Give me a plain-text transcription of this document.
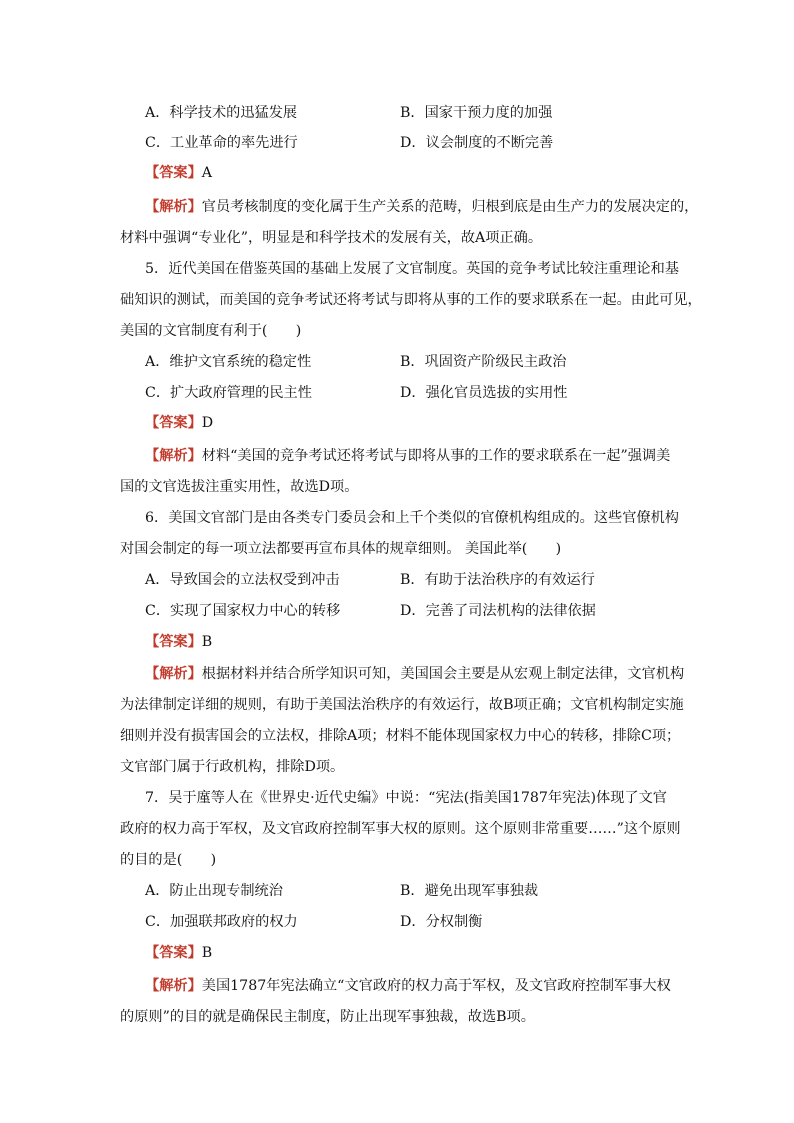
A．科学技术的迅猛发展	B．国家干预力度的加强
C．工业革命的率先进行	D．议会制度的不断完善
【答案】A
【解析】官员考核制度的变化属于生产关系的范畴，归根到底是由生产力的发展决定的，
材料中强调“专业化”，明显是和科学技术的发展有关，故A项正确。
5．近代美国在借鉴英国的基础上发展了文官制度。英国的竞争考试比较注重理论和基
础知识的测试，而美国的竞争考试还将考试与即将从事的工作的要求联系在一起。由此可见，
美国的文官制度有利于(　　)
A．维护文官系统的稳定性	B．巩固资产阶级民主政治
C．扩大政府管理的民主性	D．强化官员选拔的实用性
【答案】D
【解析】材料“美国的竞争考试还将考试与即将从事的工作的要求联系在一起”强调美
国的文官选拔注重实用性，故选D项。
6．美国文官部门是由各类专门委员会和上千个类似的官僚机构组成的。这些官僚机构
对国会制定的每一项立法都要再宣布具体的规章细则。 美国此举(　　)
A．导致国会的立法权受到冲击	B．有助于法治秩序的有效运行
C．实现了国家权力中心的转移	D．完善了司法机构的法律依据
【答案】B
【解析】根据材料并结合所学知识可知，美国国会主要是从宏观上制定法律，文官机构
为法律制定详细的规则，有助于美国法治秩序的有效运行，故B项正确；文官机构制定实施
细则并没有损害国会的立法权，排除A项；材料不能体现国家权力中心的转移，排除C项；
文官部门属于行政机构，排除D项。
7．吴于廑等人在《世界史·近代史编》中说：“宪法(指美国1787年宪法)体现了文官
政府的权力高于军权，及文官政府控制军事大权的原则。这个原则非常重要……”这个原则
的目的是(　　)
A．防止出现专制统治	B．避免出现军事独裁
C．加强联邦政府的权力	D．分权制衡
【答案】B
【解析】美国1787年宪法确立“文官政府的权力高于军权，及文官政府控制军事大权
的原则”的目的就是确保民主制度，防止出现军事独裁，故选B项。
